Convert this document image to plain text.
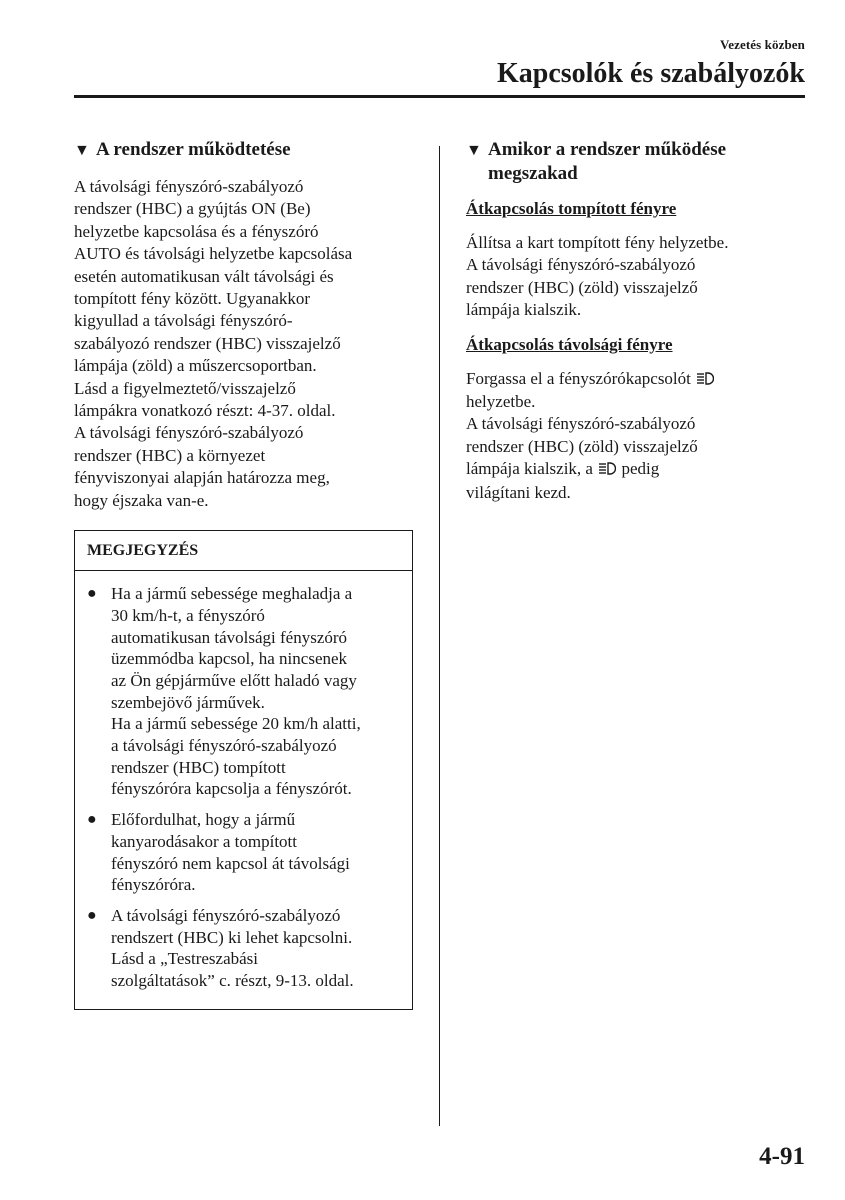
Vezetés közben
Kapcsolók és szabályozók
▼ A rendszer működtetése

A távolsági fényszóró-szabályozó
rendszer (HBC) a gyújtás ON (Be)
helyzetbe kapcsolása és a fényszóró
AUTO és távolsági helyzetbe kapcsolása
esetén automatikusan vált távolsági és
tompított fény között. Ugyanakkor
kigyullad a távolsági fényszóró-
szabályozó rendszer (HBC) visszajelző
lámpája (zöld) a műszercsoportban.
Lásd a figyelmeztető/visszajelző
lámpákra vonatkozó részt: 4-37. oldal.
A távolsági fényszóró-szabályozó
rendszer (HBC) a környezet
fényviszonyai alapján határozza meg,
hogy éjszaka van-e.

MEGJEGYZÉS
● Ha a jármű sebessége meghaladja a
30 km/h-t, a fényszóró
automatikusan távolsági fényszóró
üzemmódba kapcsol, ha nincsenek
az Ön gépjárműve előtt haladó vagy
szembejövő járművek.
Ha a jármű sebessége 20 km/h alatti,
a távolsági fényszóró-szabályozó
rendszer (HBC) tompított
fényszóróra kapcsolja a fényszórót.
● Előfordulhat, hogy a jármű
kanyarodásakor a tompított
fényszóró nem kapcsol át távolsági
fényszóróra.
● A távolsági fényszóró-szabályozó
rendszert (HBC) ki lehet kapcsolni.
Lásd a „Testreszabási
szolgáltatások” c. részt, 9-13. oldal.
▼ Amikor a rendszer működése
megszakad
Átkapcsolás tompított fényre

Állítsa a kart tompított fény helyzetbe.
A távolsági fényszóró-szabályozó
rendszer (HBC) (zöld) visszajelző
lámpája kialszik.

Átkapcsolás távolsági fényre

Forgassa el a fényszórókapcsolót
helyzetbe.
A távolsági fényszóró-szabályozó
rendszer (HBC) (zöld) visszajelző
lámpája kialszik, a pedig
világítani kezd.

4-91
